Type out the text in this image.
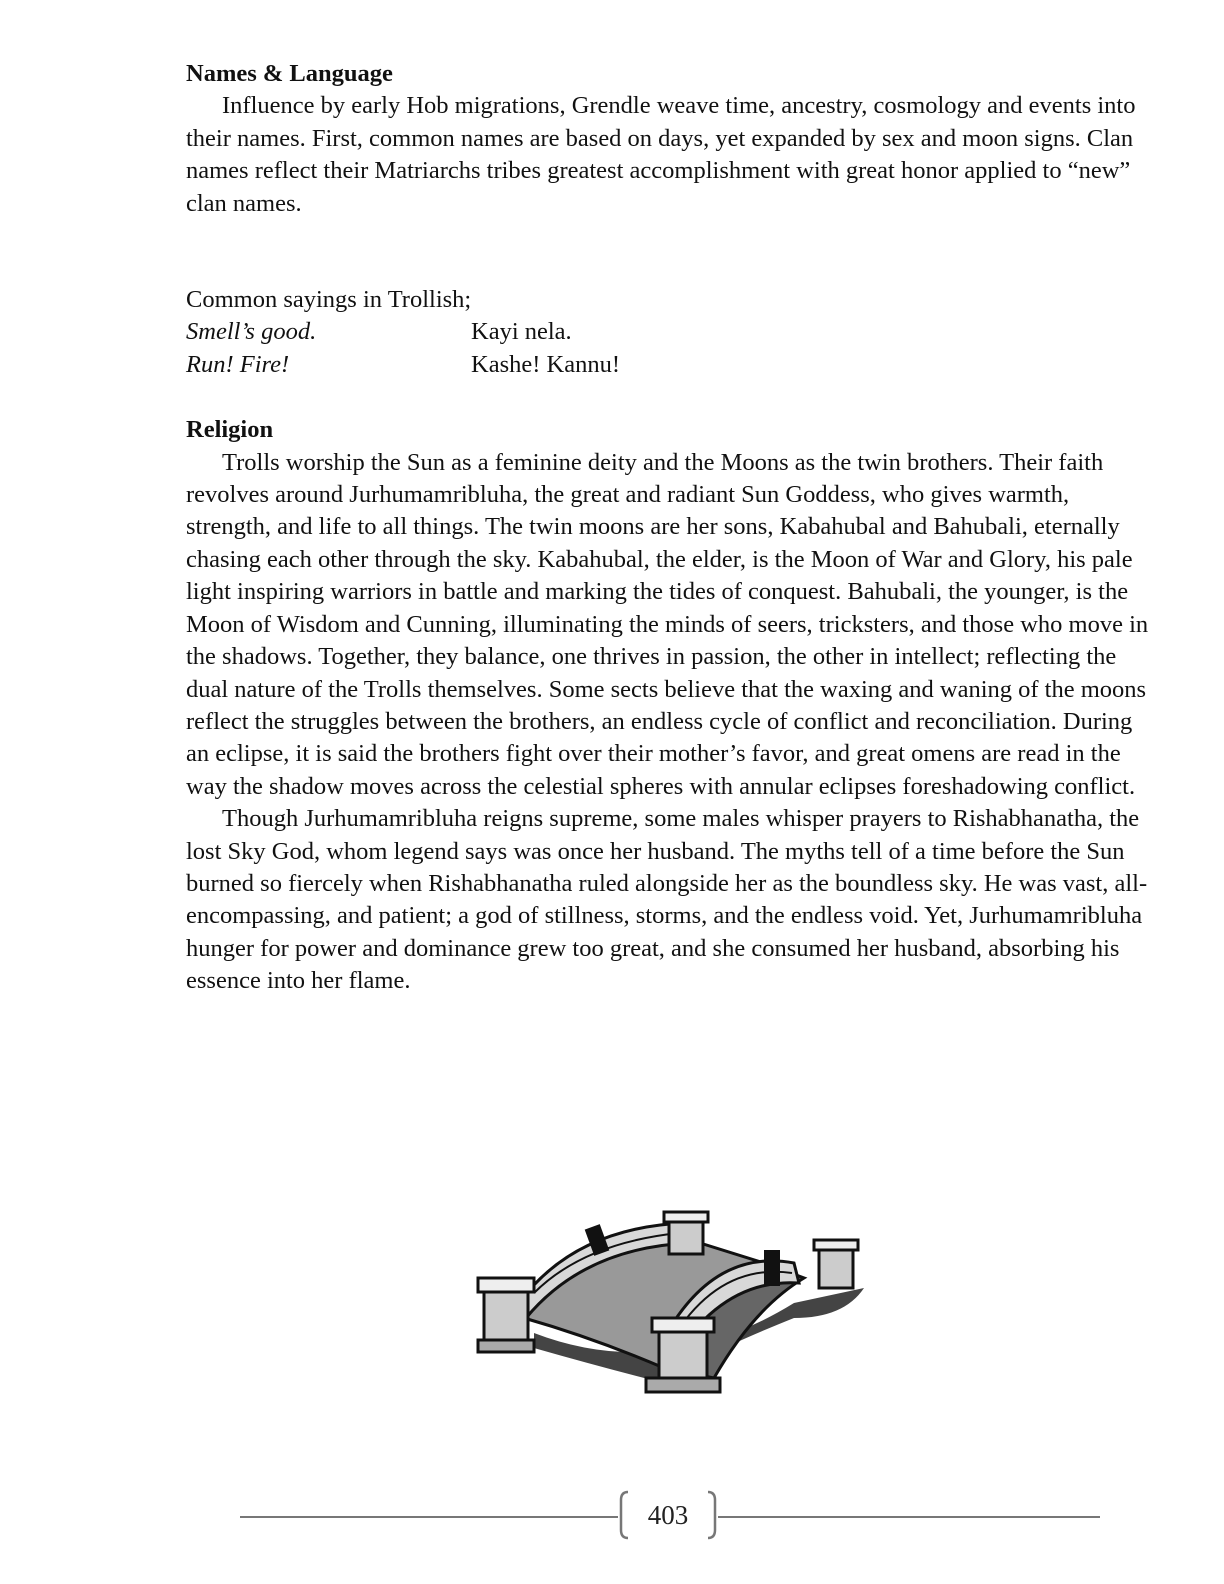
Names & Language

Influence by early Hob migrations, Grendle weave time, ancestry, cosmology and events into their names. First, common names are based on days, yet expanded by sex and moon signs. Clan names reflect their Matriarchs tribes greatest accomplishment with great honor applied to “new” clan names.

Common sayings in Trollish;

Smell’s good.	Kayi nela.
Run! Fire!	Kashe! Kannu!

Religion

Trolls worship the Sun as a feminine deity and the Moons as the twin brothers. Their faith revolves around Jurhumamribluha, the great and radiant Sun Goddess, who gives warmth, strength, and life to all things. The twin moons are her sons, Kabahubal and Bahubali, eternally chasing each other through the sky. Kabahubal, the elder, is the Moon of War and Glory, his pale light inspiring warriors in battle and marking the tides of conquest. Bahubali, the younger, is the Moon of Wisdom and Cunning, illuminating the minds of seers, tricksters, and those who move in the shadows. Together, they balance, one thrives in passion, the other in intellect; reflecting the dual nature of the Trolls themselves. Some sects believe that the waxing and waning of the moons reflect the struggles between the brothers, an endless cycle of conflict and reconciliation. During an eclipse, it is said the brothers fight over their mother’s favor, and great omens are read in the way the shadow moves across the celestial spheres with annular eclipses foreshadowing conflict.

Though Jurhumamribluha reigns supreme, some males whisper prayers to Rishabhanatha, the lost Sky God, whom legend says was once her husband. The myths tell of a time before the Sun burned so fiercely when Rishabhanatha ruled alongside her as the boundless sky. He was vast, all-encompassing, and patient; a god of stillness, storms, and the endless void. Yet, Jurhumamribluha hunger for power and dominance grew too great, and she consumed her husband, absorbing his essence into her flame.

403
